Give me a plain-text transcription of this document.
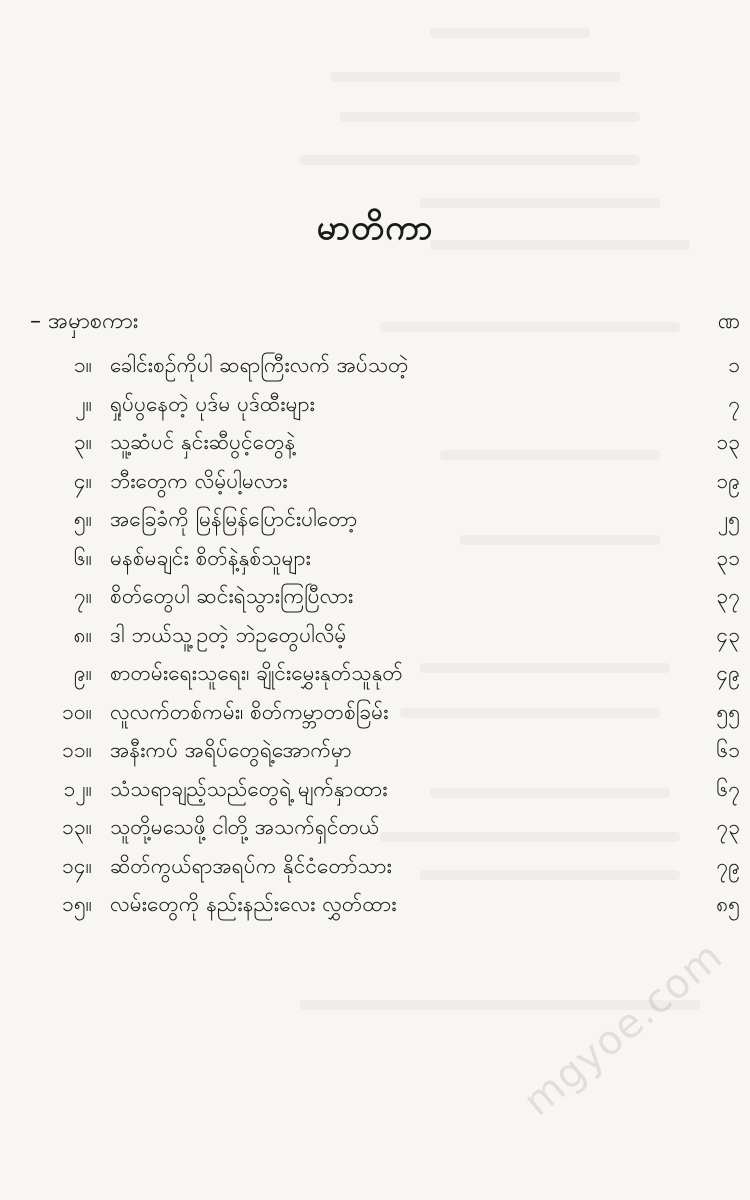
မာတိကာ
– အမှာစကား	ဏ
၁။ ခေါင်းစဉ်ကိုပါ ဆရာကြီးလက် အပ်သတဲ့	၁
၂။ ရှုပ်ပွနေတဲ့ ပုဒ်မ ပုဒ်ထီးများ	၇
၃။ သူ့ဆံပင် နှင်းဆီပွင့်တွေနဲ့	၁၃
၄။ ဘီးတွေက လိမ့်ပါ့မလား	၁၉
၅။ အခြေခံကို မြန်မြန်ပြောင်းပါတော့	၂၅
၆။ မနစ်မချင်း စိတ်နဲ့နှစ်သူများ	၃၁
၇။ စိတ်တွေပါ ဆင်းရဲသွားကြပြီလား	၃၇
၈။ ဒါ ဘယ်သူ့ဥတဲ့ ဘဲဥတွေပါလိမ့်	၄၃
၉။ စာတမ်းရေးသူရေး၊ ချိုင်းမွှေးနုတ်သူနုတ်	၄၉
၁၀။ လူလက်တစ်ကမ်း၊ စိတ်ကမ္ဘာတစ်ခြမ်း	၅၅
၁၁။ အနီးကပ် အရိပ်တွေရဲ့အောက်မှာ	၆၁
၁၂။ သံသရာချည့်သည်တွေရဲ့ မျက်နှာထား	၆၇
၁၃။ သူတို့မသေဖို့ ငါတို့ အသက်ရှင်တယ်	၇၃
၁၄။ ဆိတ်ကွယ်ရာအရပ်က နိုင်ငံတော်သား	၇၉
၁၅။ လမ်းတွေကို နည်းနည်းလေး လွှတ်ထား	၈၅
mgyoe.com
